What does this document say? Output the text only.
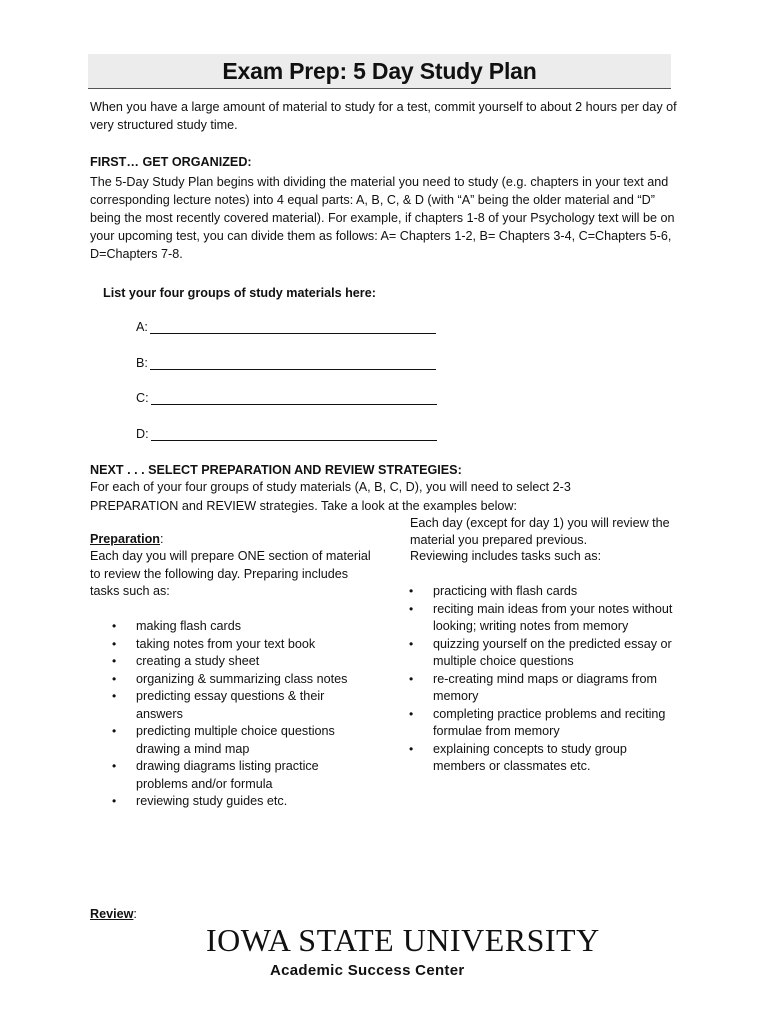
Exam Prep: 5 Day Study Plan
When you have a large amount of material to study for a test, commit yourself to about 2 hours per day of very structured study time.
FIRST… GET ORGANIZED:
The 5-Day Study Plan begins with dividing the material you need to study (e.g. chapters in your text and
corresponding lecture notes) into 4 equal parts: A, B, C, & D (with “A” being the older material and “D”
being the most recently covered material). For example, if chapters 1-8 of your Psychology text will be on
your upcoming test, you can divide them as follows: A= Chapters 1-2, B= Chapters 3-4, C=Chapters 5-6,
D=Chapters 7-8.
List your four groups of study materials here:
A:
B:
C:
D:
NEXT . . . SELECT PREPARATION AND REVIEW STRATEGIES:
For each of your four groups of study materials (A, B, C, D), you will need to select 2-3
PREPARATION and REVIEW strategies. Take a look at the examples below:
Preparation:
Each day you will prepare ONE section of material
to review the following day. Preparing includes
tasks such as:
• making flash cards
• taking notes from your text book
• creating a study sheet
• organizing & summarizing class notes
• predicting essay questions & their
answers
• predicting multiple choice questions
drawing a mind map
• drawing diagrams listing practice
problems and/or formula
• reviewing study guides etc.
Each day (except for day 1) you will review the
material you prepared previous.
Reviewing includes tasks such as:
• practicing with flash cards
• reciting main ideas from your notes without
looking; writing notes from memory
• quizzing yourself on the predicted essay or
multiple choice questions
• re-creating mind maps or diagrams from
memory
• completing practice problems and reciting
formulae from memory
• explaining concepts to study group
members or classmates etc.
Review:
IOWA STATE UNIVERSITY
Academic Success Center
